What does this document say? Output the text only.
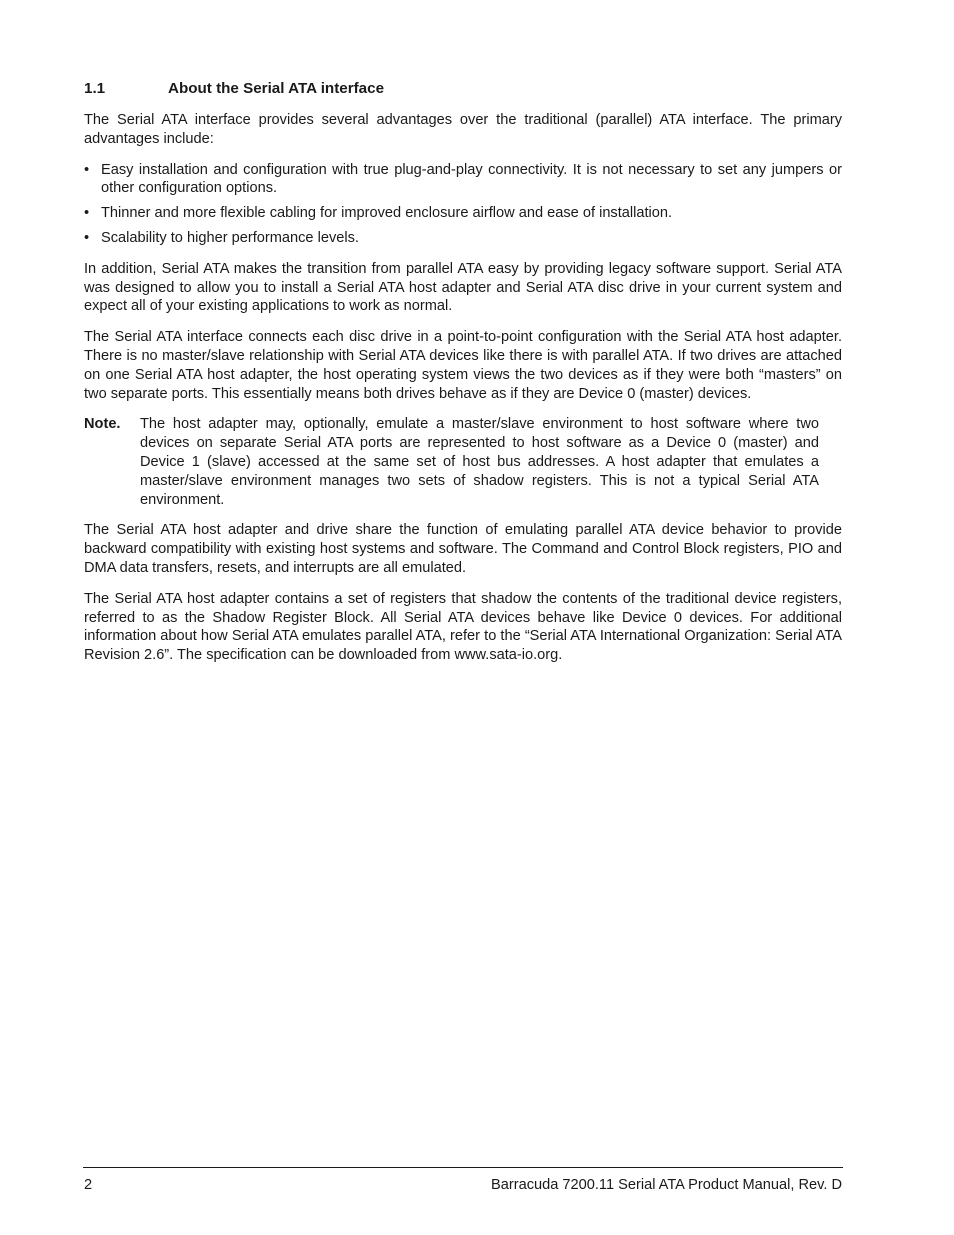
1.1	About the Serial ATA interface

The Serial ATA interface provides several advantages over the traditional (parallel) ATA interface. The primary advantages include:

• Easy installation and configuration with true plug-and-play connectivity. It is not necessary to set any jumpers or other configuration options.
• Thinner and more flexible cabling for improved enclosure airflow and ease of installation.
• Scalability to higher performance levels.

In addition, Serial ATA makes the transition from parallel ATA easy by providing legacy software support. Serial ATA was designed to allow you to install a Serial ATA host adapter and Serial ATA disc drive in your current system and expect all of your existing applications to work as normal.

The Serial ATA interface connects each disc drive in a point-to-point configuration with the Serial ATA host adapter. There is no master/slave relationship with Serial ATA devices like there is with parallel ATA. If two drives are attached on one Serial ATA host adapter, the host operating system views the two devices as if they were both “masters” on two separate ports. This essentially means both drives behave as if they are Device 0 (master) devices.

Note.	The host adapter may, optionally, emulate a master/slave environment to host software where two devices on separate Serial ATA ports are represented to host software as a Device 0 (master) and Device 1 (slave) accessed at the same set of host bus addresses. A host adapter that emulates a master/slave environment manages two sets of shadow registers. This is not a typical Serial ATA environment.

The Serial ATA host adapter and drive share the function of emulating parallel ATA device behavior to provide backward compatibility with existing host systems and software. The Command and Control Block registers, PIO and DMA data transfers, resets, and interrupts are all emulated.

The Serial ATA host adapter contains a set of registers that shadow the contents of the traditional device registers, referred to as the Shadow Register Block. All Serial ATA devices behave like Device 0 devices. For additional information about how Serial ATA emulates parallel ATA, refer to the “Serial ATA International Organization: Serial ATA Revision 2.6”. The specification can be downloaded from www.sata-io.org.

2	Barracuda 7200.11 Serial ATA Product Manual, Rev. D
